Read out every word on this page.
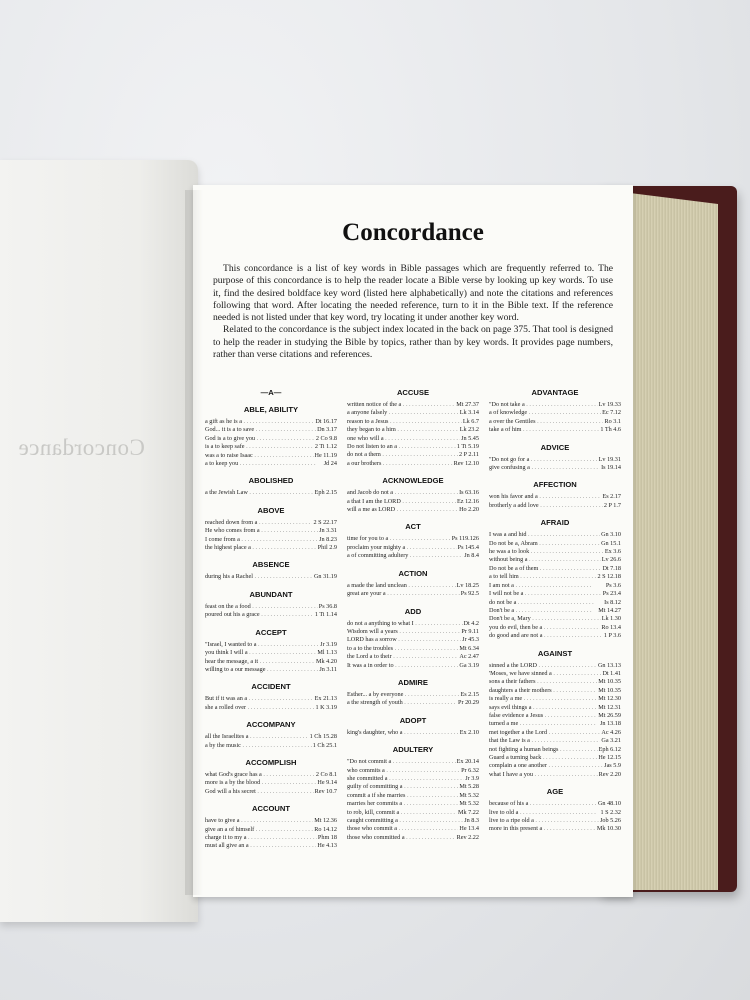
Concordance
Concordance

This concordance is a list of key words in Bible passages which are frequently referred to. The purpose of this concordance is to help the reader locate a Bible verse by looking up key words. To use it, find the desired boldface key word (listed here alphabetically) and note the citations and references following that word. After locating the needed reference, turn to it in the Bible text. If the reference needed is not listed under that key word, try locating it under another key word.

Related to the concordance is the subject index located in the back on page 375. That tool is designed to help the reader in studying the Bible by topics, rather than by key words. It provides page numbers, rather than verse citations and references.

—A—
ABLE, ABILITY
a gift as he is a . . .	Dt 16.17
God... it is a to save . . .	Dn 3.17
God is a to give you . . .	2 Co 9.8
is a to keep safe . . .	2 Ti 1.12
was a to raise Isaac . . .	He 11.19
a to keep you . . .	Jd 24
ABOLISHED
a the Jewish Law . . .	Eph 2.15
ABOVE
reached down from a . . .	2 S 22.17
He who comes from a . . .	Jn 3.31
I come from a . . .	Jn 8.23
the highest place a . . .	Phil 2.9
ABSENCE
during his a Rachel . . .	Gn 31.19
ABUNDANT
feast on the a food . . .	Ps 36.8
poured out his a grace . . .	1 Ti 1.14
ACCEPT
"Israel, I wanted to a . . .	Jr 3.19
you think I will a . . .	Ml 1.13
hear the message, a it . . .	Mk 4.20
willing to a our message . . .	Jn 3.11
ACCIDENT
But if it was an a . . .	Ex 21.13
she a rolled over . . .	1 K 3.19
ACCOMPANY
all the Israelites a . . .	1 Ch 15.28
a by the music . . .	1 Ch 25.1
ACCOMPLISH
what God's grace has a . . .	2 Co 8.1
more is a by the blood . . .	He 9.14
God will a his secret . . .	Rev 10.7
ACCOUNT
have to give a . . .	Mt 12.36
give an a of himself . . .	Ro 14.12
charge it to my a . . .	Phm 18
must all give an a . . .	He 4.13
ACCUSE
written notice of the a . . .	Mt 27.37
a anyone falsely . . .	Lk 3.14
reason to a Jesus . . .	Lk 6.7
they began to a him . . .	Lk 23.2
one who will a . . .	Jn 5.45
Do not listen to an a . . .	1 Ti 5.19
do not a them . . .	2 P 2.11
a our brothers . . .	Rev 12.10
ACKNOWLEDGE
and Jacob do not a . . .	Is 63.16
a that I am the LORD . . .	Ez 12.16
will a me as LORD . . .	Ho 2.20
ACT
time for you to a . . .	Ps 119.126
proclaim your mighty a . . .	Ps 145.4
a of committing adultery . . .	Jn 8.4
ACTION
a made the land unclean . . .	Lv 18.25
great are your a . . .	Ps 92.5
ADD
do not a anything to what I . . .	Dt 4.2
Wisdom will a years . . .	Pr 9.11
LORD has a sorrow . . .	Jr 45.3
to a to the troubles . . .	Mt 6.34
the Lord a to their . . .	Ac 2.47
It was a in order to . . .	Ga 3.19
ADMIRE
Esther... a by everyone . . .	Es 2.15
a the strength of youth . . .	Pr 20.29
ADOPT
king's daughter, who a . . .	Ex 2.10
ADULTERY
"Do not commit a . . .	Ex 20.14
who commits a . . .	Pr 6.32
she committed a . . .	Jr 3.9
guilty of committing a . . .	Mt 5.28
commit a if she marries . . .	Mt 5.32
marries her commits a . . .	Mt 5.32
to rob, kill, commit a . . .	Mk 7.22
caught committing a . . .	Jn 8.3
those who commit a . . .	He 13.4
those who committed a . . .	Rev 2.22
ADVANTAGE
"Do not take a . . .	Lv 19.33
a of knowledge . . .	Ec 7.12
a over the Gentiles . . .	Ro 3.1
take a of him . . .	1 Th 4.6
ADVICE
"Do not go for a . . .	Lv 19.31
give confusing a . . .	Is 19.14
AFFECTION
won his favor and a . . .	Es 2.17
brotherly a add love . . .	2 P 1.7
AFRAID
I was a and hid . . .	Gn 3.10
Do not be a, Abram . . .	Gn 15.1
he was a to look . . .	Ex 3.6
without being a . . .	Lv 26.6
Do not be a of them . . .	Dt 7.18
a to tell him . . .	2 S 12.18
I am not a . . .	Ps 3.6
I will not be a . . .	Ps 23.4
do not be a . . .	Is 8.12
Don't be a . . .	Mt 14.27
Don't be a, Mary . . .	Lk 1.30
you do evil, then be a . . .	Ro 13.4
do good and are not a . . .	1 P 3.6
AGAINST
sinned a the LORD . . .	Gn 13.13
'Moses, we have sinned a . . .	Dt 1.41
sons a their fathers . . .	Mt 10.35
daughters a their mothers . . .	Mt 10.35
is really a me . . .	Mt 12.30
says evil things a . . .	Mt 12.31
false evidence a Jesus . . .	Mt 26.59
turned a me . . .	Jn 13.18
met together a the Lord . . .	Ac 4.26
that the Law is a . . .	Ga 3.21
not fighting a human beings . . .	Eph 6.12
Guard a turning back . . .	He 12.15
complain a one another . . .	Jas 5.9
what I have a you . . .	Rev 2.20
AGE
because of his a . . .	Gn 48.10
live to old a . . .	1 S 2.32
live to a ripe old a . . .	Job 5.26
more in this present a . . .	Mk 10.30
